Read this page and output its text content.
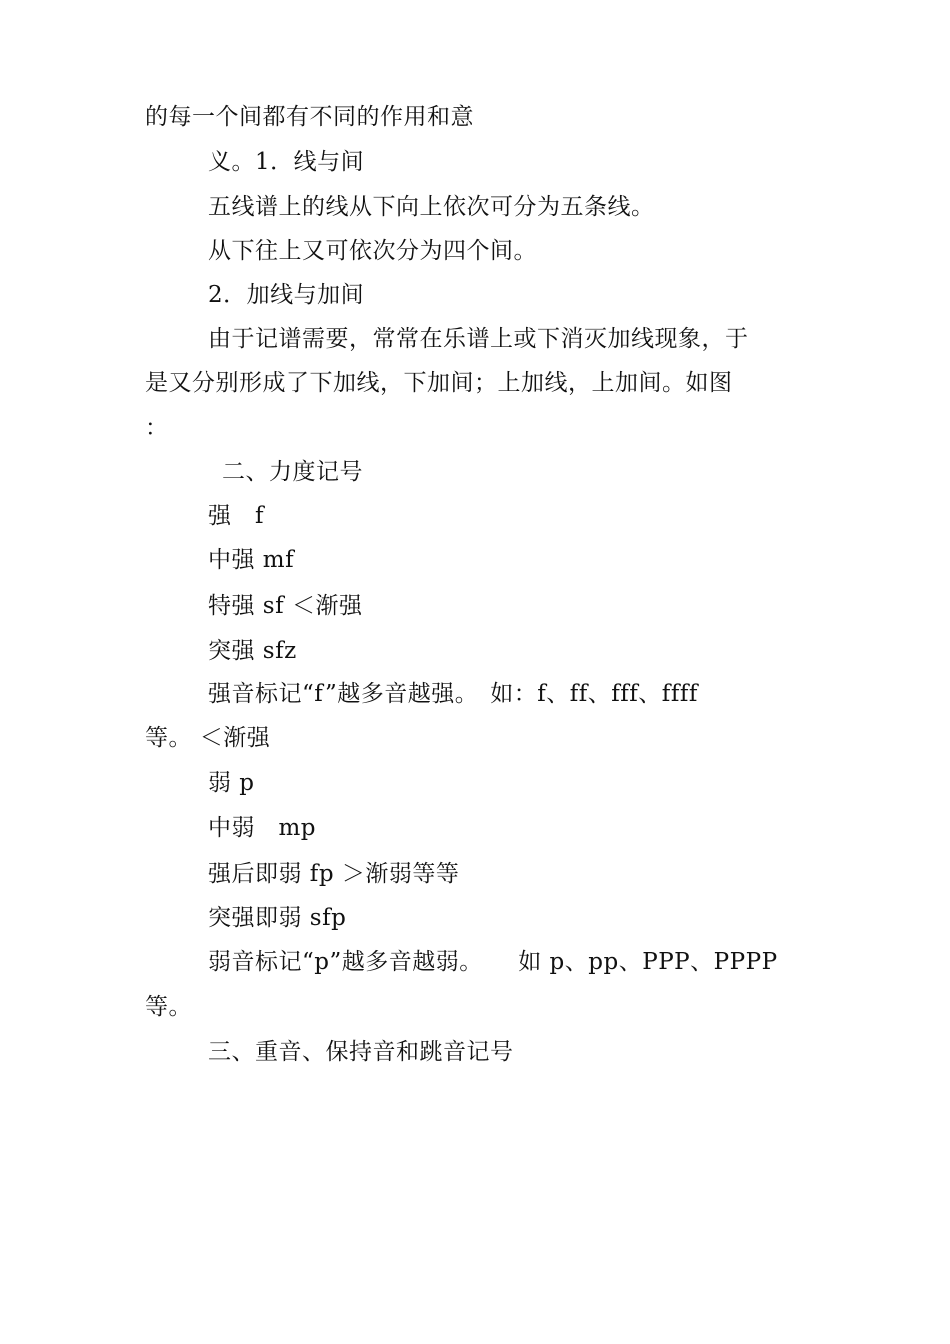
的每一个间都有不同的作用和意
义。1．线与间
五线谱上的线从下向上依次可分为五条线。
从下往上又可依次分为四个间。
2．加线与加间
由于记谱需要，常常在乐谱上或下消灭加线现象，于
是又分别形成了下加线，下加间；上加线，上加间。如图
：
二、力度记号
强　f
中强 mf
特强 sf ＜渐强
突强 sfz
强音标记“f”越多音越强。　如：f、ff、fff、ffff
等。 ＜渐强
弱 p
中弱　mp
强后即弱 fp ＞渐弱等等
突强即弱 sfp
弱音标记“p”越多音越弱。　　如 p、pp、PPP、PPPP
等。
三、重音、保持音和跳音记号
